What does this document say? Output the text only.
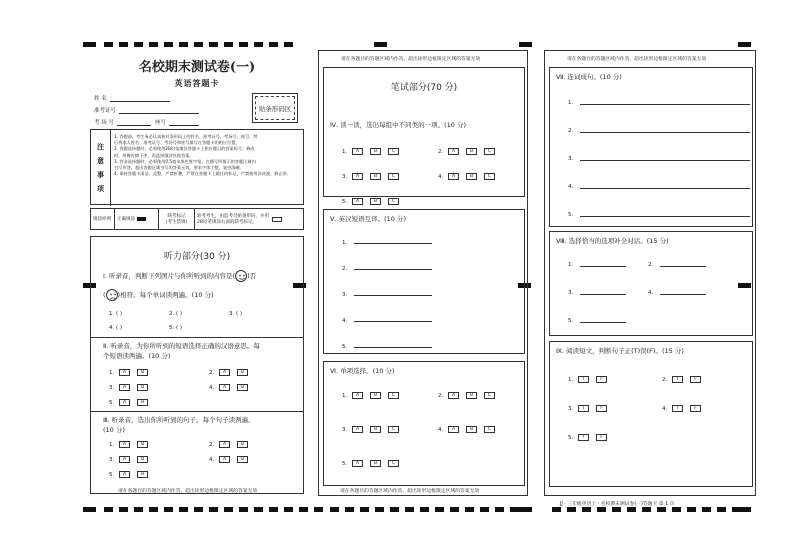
名校期末测试卷(一)
英语答题卡
姓 名
准考证号
考 场 号	座号
贴条形码区
注
意
事
项
1. 答题前，考生务必认真核对条形码上的姓名、准考证号、考场号、座号，然
后将本人姓名、准考证号、考场号和座号填写在答题卡的相应位置。
2. 答题选择题时，必须使用2B铅笔填涂答题卡上相应题目的答案标号；修改
时，用橡皮擦干净，再选择填涂其他答案。
3. 答非选择题时，必须使用0.5毫米黑色签字笔，在题号所指示的答题区域内
书写作答，超出答题区域书写的答案无效。要求字体工整，笔迹清晰。
4. 保持答题卡清洁、完整，严禁折叠，严禁在答题卡上做任何标记，严禁使用涂改液、修正带。
填涂样例	正确填涂
缺考标记
(考生禁填)
缺考考生，由监考员贴条形码，并用
2B铅笔填涂右面的缺考标记。
听力部分(30 分)
Ⅰ. 听录音，判断下列图片与你所听到的内容是( )否
( )相符。每个单词读两遍。(10 分)
1. ( )	2. ( )	3. ( )
4. ( )	5. ( )
Ⅱ. 听录音，为你所听到的短语选择正确的汉语意思。每
个短语读两遍。(10 分)
1.	A	B	2.	A	B
3.	A	B	4.	A	B
5.	A	B
Ⅲ. 听录音，选出你所听到的句子。每个句子读两遍。
(10 分)
1.	A	B	2.	A	B
3.	A	B	4.	A	B
5.	A	B
请在各题目的答题区域内作答，超出矩形边框限定区域的答案无效
请在各题目的答题区域内作答，超出矩形边框限定区域的答案无效
笔试部分(70 分)
Ⅳ. 读一读，选出每组中不同类的一项。(10 分)
1.	A	B	C	2.	A	B	C
3.	A	B	C	4.	A	B	C
5.	A	B	C
Ⅴ. 英汉短语互译。(10 分)
1.
2.
3.
4.
5.
Ⅵ. 单项选择。(10 分)
1.	A	B	C	2.	A	B	C
3.	A	B	C	4.	A	B	C
5.	A	B	C
请在各题目的答题区域内作答，超出矩形边框限定区域的答案无效
请在各题目的答题区域内作答，超出矩形边框限定区域的答案无效
Ⅶ. 连词成句。(10 分)
1.
2.
3.
4.
5.
Ⅷ. 选择恰当的选项补全对话。(15 分)
1.	2.
3.	4.
5.
Ⅸ. 阅读短文，判断句子正(T)误(F)。(15 分)
1.	T	F	2.	T	F
3.	T	F	4.	T	F
5.	T	F
JJ · 三年级英语上 · 名校期末测试卷(一)答题卡 第 1 页
